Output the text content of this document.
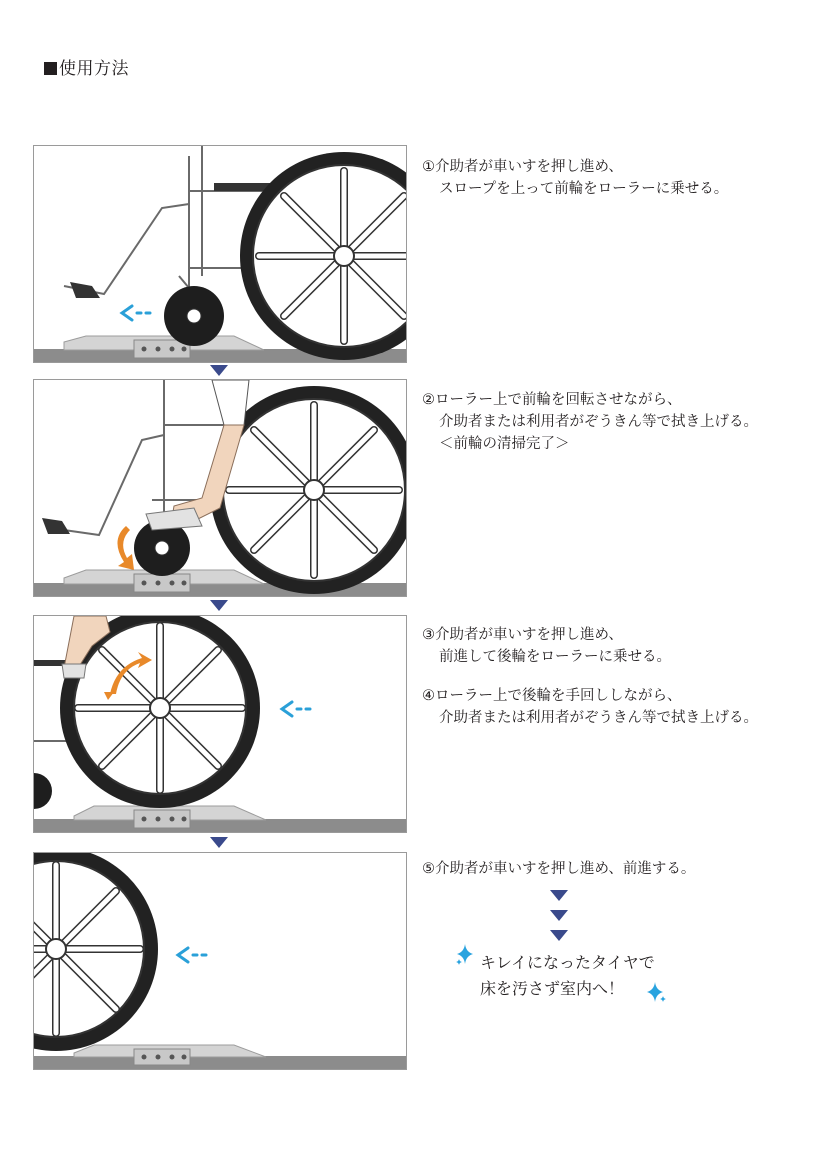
使用方法
①介助者が車いすを押し進め、
スロープを上って前輪をローラーに乗せる。
②ローラー上で前輪を回転させながら、
介助者または利用者がぞうきん等で拭き上げる。
＜前輪の清掃完了＞
③介助者が車いすを押し進め、
前進して後輪をローラーに乗せる。
④ローラー上で後輪を手回ししながら、
介助者または利用者がぞうきん等で拭き上げる。
⑤介助者が車いすを押し進め、前進する。
キレイになったタイヤで
床を汚さず室内へ！
